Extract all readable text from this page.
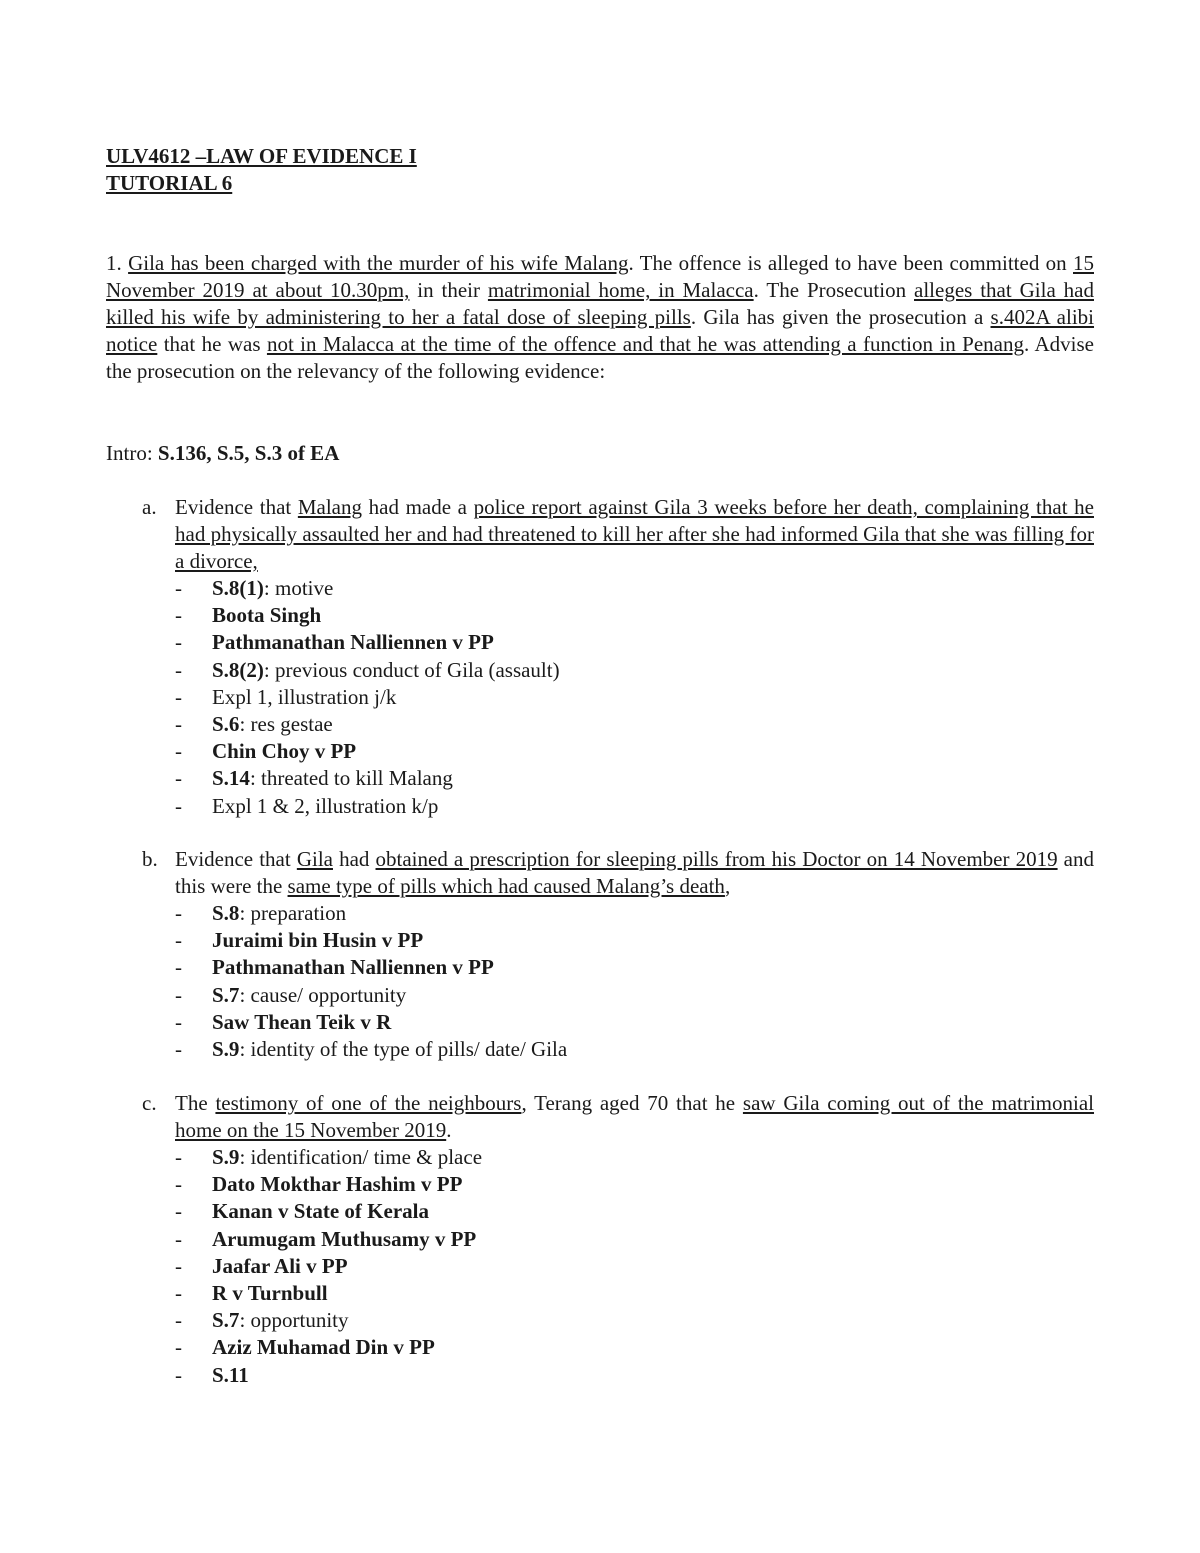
ULV4612 –LAW OF EVIDENCE I
TUTORIAL 6
1. Gila has been charged with the murder of his wife Malang. The offence is alleged to have been committed on 15 November 2019 at about 10.30pm, in their matrimonial home, in Malacca. The Prosecution alleges that Gila had killed his wife by administering to her a fatal dose of sleeping pills. Gila has given the prosecution a s.402A alibi notice that he was not in Malacca at the time of the offence and that he was attending a function in Penang. Advise the prosecution on the relevancy of the following evidence:
Intro: S.136, S.5, S.3 of EA
a. Evidence that Malang had made a police report against Gila 3 weeks before her death, complaining that he had physically assaulted her and had threatened to kill her after she had informed Gila that she was filling for a divorce,
-	S.8(1): motive
-	Boota Singh
-	Pathmanathan Nalliennen v PP
-	S.8(2): previous conduct of Gila (assault)
-	Expl 1, illustration j/k
-	S.6: res gestae
-	Chin Choy v PP
-	S.14: threated to kill Malang
-	Expl 1 & 2, illustration k/p
b. Evidence that Gila had obtained a prescription for sleeping pills from his Doctor on 14 November 2019 and this were the same type of pills which had caused Malang’s death,
-	S.8: preparation
-	Juraimi bin Husin v PP
-	Pathmanathan Nalliennen v PP
-	S.7: cause/ opportunity
-	Saw Thean Teik v R
-	S.9: identity of the type of pills/ date/ Gila
c. The testimony of one of the neighbours, Terang aged 70 that he saw Gila coming out of the matrimonial home on the 15 November 2019.
-	S.9: identification/ time & place
-	Dato Mokthar Hashim v PP
-	Kanan v State of Kerala
-	Arumugam Muthusamy v PP
-	Jaafar Ali v PP
-	R v Turnbull
-	S.7: opportunity
-	Aziz Muhamad Din v PP
-	S.11
